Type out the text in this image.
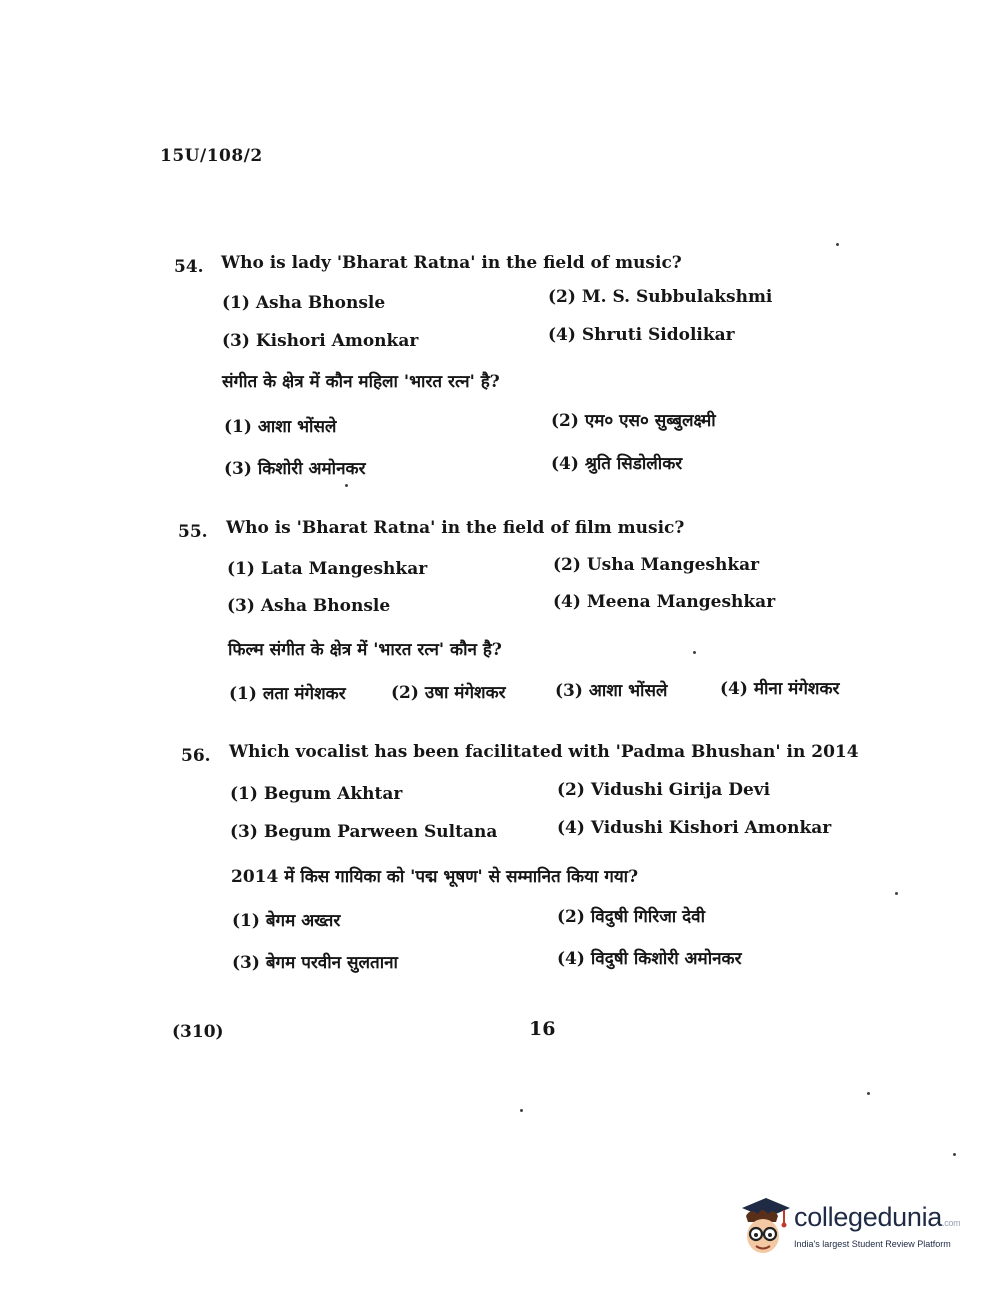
15U/108/2
54. Who is lady 'Bharat Ratna' in the field of music?
(1) Asha Bhonsle	(2) M. S. Subbulakshmi
(3) Kishori Amonkar	(4) Shruti Sidolikar
संगीत के क्षेत्र में कौन महिला 'भारत रत्न' है?
(1) आशा भोंसले	(2) एम० एस० सुब्बुलक्ष्मी
(3) किशोरी अमोनकर	(4) श्रुति सिडोलीकर
55. Who is 'Bharat Ratna' in the field of film music?
(1) Lata Mangeshkar	(2) Usha Mangeshkar
(3) Asha Bhonsle	(4) Meena Mangeshkar
फिल्म संगीत के क्षेत्र में 'भारत रत्न' कौन है?
(1) लता मंगेशकर	(2) उषा मंगेशकर	(3) आशा भोंसले	(4) मीना मंगेशकर
56. Which vocalist has been facilitated with 'Padma Bhushan' in 2014
(1) Begum Akhtar	(2) Vidushi Girija Devi
(3) Begum Parween Sultana	(4) Vidushi Kishori Amonkar
2014 में किस गायिका को 'पद्म भूषण' से सम्मानित किया गया?
(1) बेगम अख्तर	(2) विदुषी गिरिजा देवी
(3) बेगम परवीन सुलताना	(4) विदुषी किशोरी अमोनकर
(310)	16
collegedunia.com
India's largest Student Review Platform
